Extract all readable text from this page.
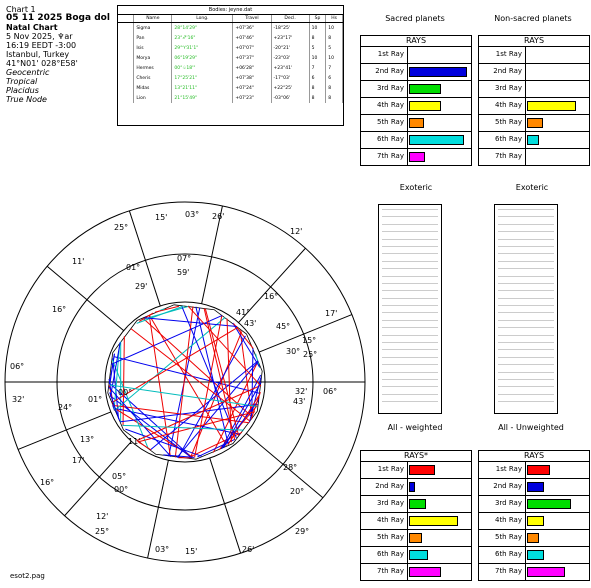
Chart 1
05 11 2025 Boga dol
Natal Chart
5 Nov 2025, ♆ar
16:19 EEDT -3:00
Istanbul, Turkey
41°N01' 028°E58'
Geocentric
Tropical
Placidus
True Node
Bodies: jeyne.dat
	Name	Long.	Travel	Decl.	Sp	Hs
	Sigma	28°14'29"	+07'36"	-18°25'	10	10
	Pan	23°♐'16"	+07'46"	+23°17'	8	8
	Isis	29°♈31'1"	+07'07"	-20°21'	5	5
	Morya	06°19'29"	+07'37"	-23°03'	10	10
	Hermes	00°♧18'"	+06'28"	+23°41'	7	7
	Cheris	17°25'21"	+07'38"	-17°03'	6	6
	Midas	13°21'11"	+07'24"	+22°25'	8	8
	Lion	21°15'49"	+07'23"	-03°06'	8	8
Sacred planets
RAYS
1st Ray
2nd Ray
3rd Ray
4th Ray
5th Ray
6th Ray
7th Ray
Non-sacred planets
RAYS
1st Ray
2nd Ray
3rd Ray
4th Ray
5th Ray
6th Ray
7th Ray
Exoteric
All - weighted
Exoteric
All - Unweighted
RAYS*
1st Ray
2nd Ray
3rd Ray
4th Ray
5th Ray
6th Ray
7th Ray
RAYS
1st Ray
2nd Ray
3rd Ray
4th Ray
5th Ray
6th Ray
7th Ray
15' 03° 26'
12'
25°
01°
07°
59'
11'
29'
16°	17'
41°
43'
06°
32'
32' 06°
43'
00°
24°
01°
16°
17'
13°	11'
25°
12'
03° 15'	26'
05°
00°	20°
29°
28°
16°
45°
30°
15°
25°
esot2.pag
